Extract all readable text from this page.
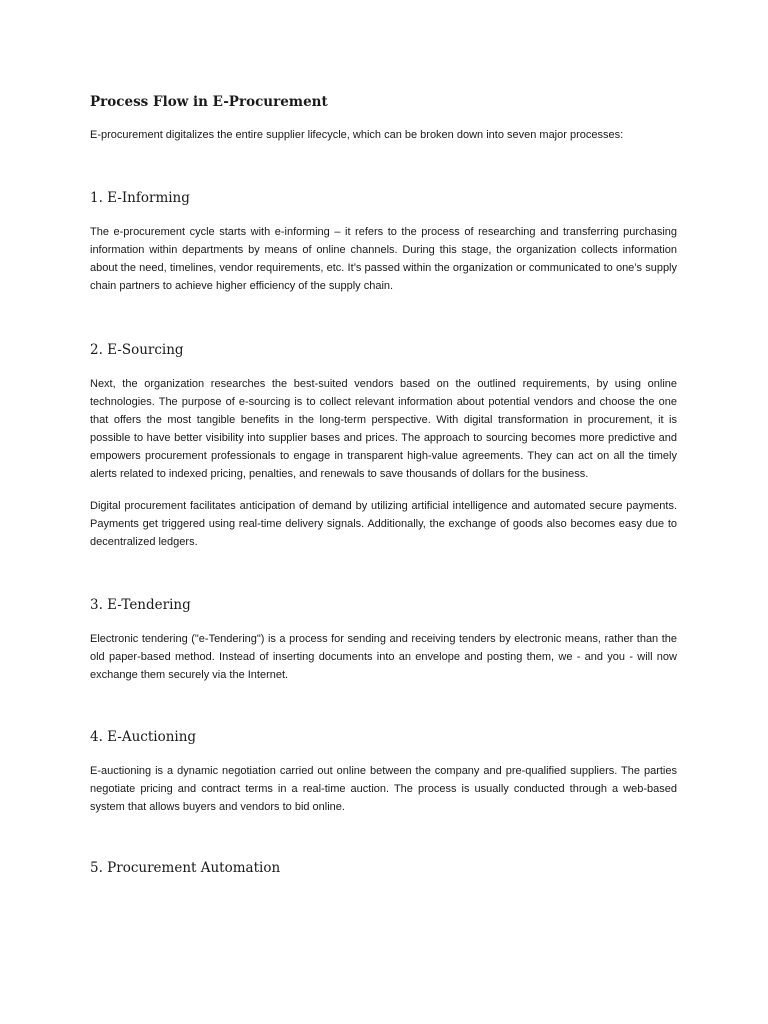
Process Flow in E-Procurement

E-procurement digitalizes the entire supplier lifecycle, which can be broken down into seven major processes:

1. E-Informing

The e-procurement cycle starts with e-informing – it refers to the process of researching and transferring purchasing information within departments by means of online channels. During this stage, the organization collects information about the need, timelines, vendor requirements, etc. It’s passed within the organization or communicated to one’s supply chain partners to achieve higher efficiency of the supply chain.

2. E-Sourcing

Next, the organization researches the best-suited vendors based on the outlined requirements, by using online technologies. The purpose of e-sourcing is to collect relevant information about potential vendors and choose the one that offers the most tangible benefits in the long-term perspective. With digital transformation in procurement, it is possible to have better visibility into supplier bases and prices. The approach to sourcing becomes more predictive and empowers procurement professionals to engage in transparent high-value agreements. They can act on all the timely alerts related to indexed pricing, penalties, and renewals to save thousands of dollars for the business.

Digital procurement facilitates anticipation of demand by utilizing artificial intelligence and automated secure payments. Payments get triggered using real-time delivery signals. Additionally, the exchange of goods also becomes easy due to decentralized ledgers.

3. E-Tendering

Electronic tendering ("e-Tendering") is a process for sending and receiving tenders by electronic means, rather than the old paper-based method. Instead of inserting documents into an envelope and posting them, we - and you - will now exchange them securely via the Internet.

4. E-Auctioning

E-auctioning is a dynamic negotiation carried out online between the company and pre-qualified suppliers. The parties negotiate pricing and contract terms in a real-time auction. The process is usually conducted through a web-based system that allows buyers and vendors to bid online.

5. Procurement Automation
